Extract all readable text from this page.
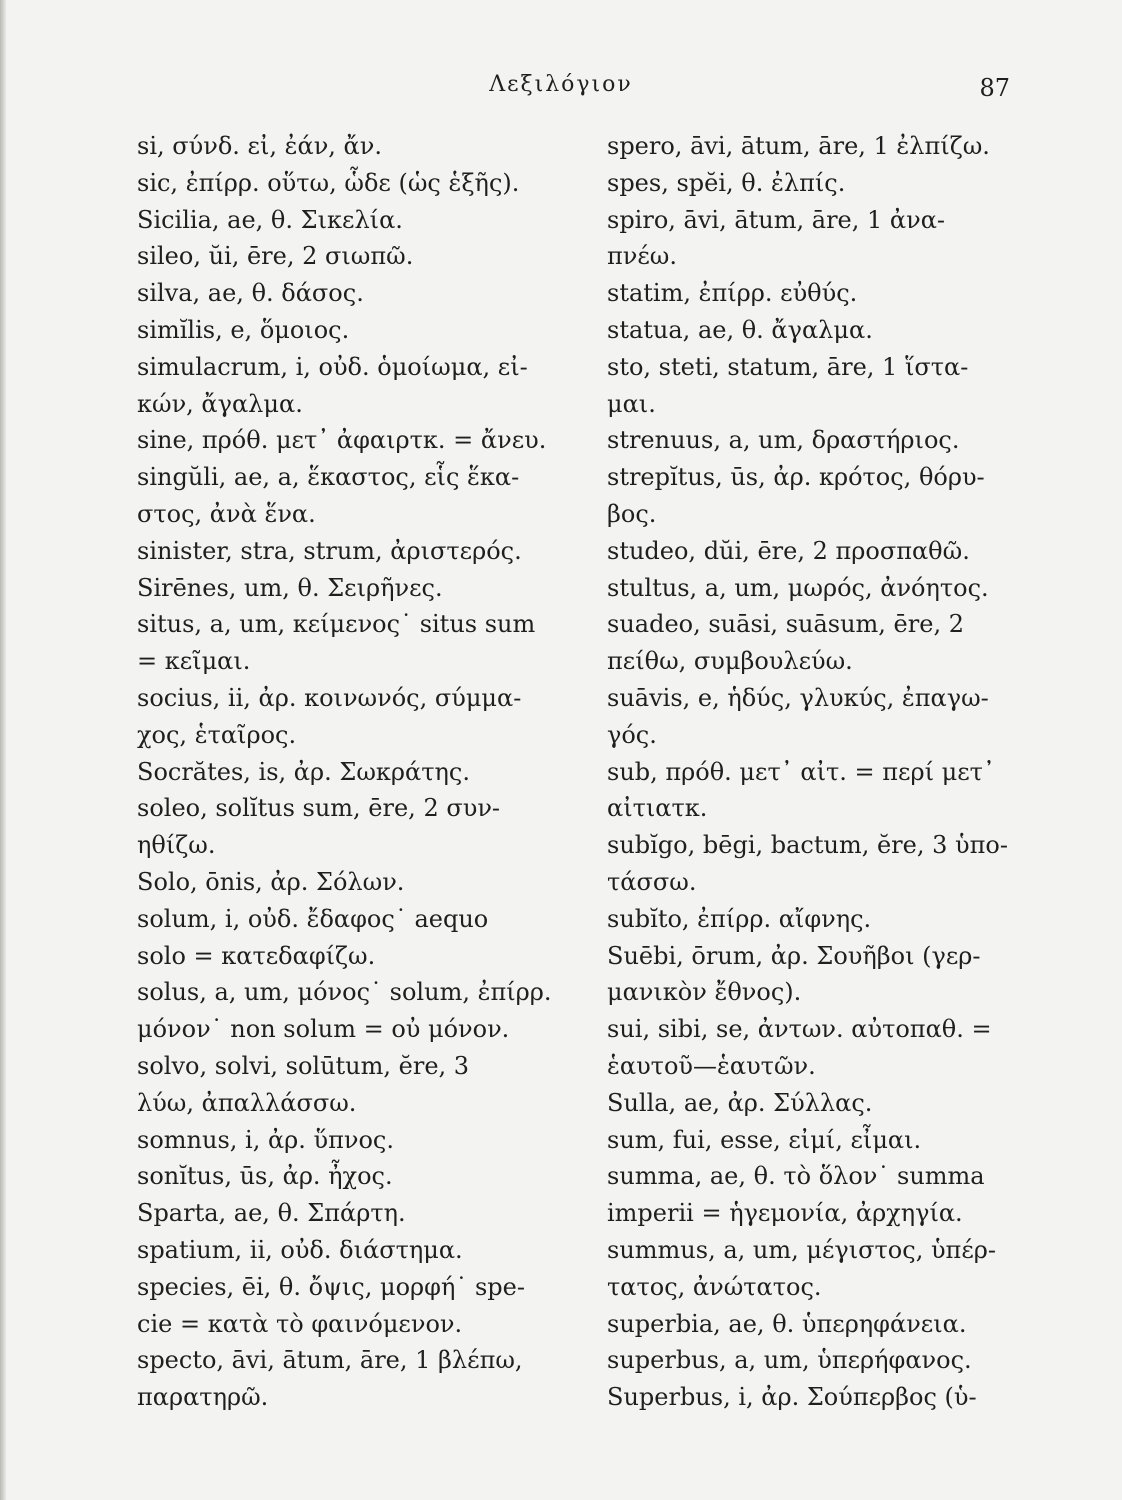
Λεξιλόγιον	87
si, σύνδ. εἰ, ἐάν, ἄν.
sic, ἐπίρρ. οὕτω, ὧδε (ὡς ἑξῆς).
Sicilia, ae, θ. Σικελία.
sileo, ŭi, ēre, 2 σιωπῶ.
silva, ae, θ. δάσος.
simĭlis, e, ὅμοιος.
simulacrum, i, οὐδ. ὁμοίωμα, εἰ-
κών, ἄγαλμα.
sine, πρόθ. μετ᾽ ἀφαιρτκ. = ἄνευ.
singŭli, ae, a, ἕκαστος, εἷς ἕκα-
στος, ἀνὰ ἕνα.
sinister, stra, strum, ἀριστερός.
Sirēnes, um, θ. Σειρῆνες.
situs, a, um, κείμενος˙ situs sum
= κεῖμαι.
socius, ii, ἀρ. κοινωνός, σύμμα-
χος, ἑταῖρος.
Socrătes, is, ἀρ. Σωκράτης.
soleo, solĭtus sum, ēre, 2 συν-
ηθίζω.
Solo, ōnis, ἀρ. Σόλων.
solum, i, οὐδ. ἔδαφος˙ aequo
solo = κατεδαφίζω.
solus, a, um, μόνος˙ solum, ἐπίρρ.
μόνον˙ non solum = οὐ μόνον.
solvo, solvi, solūtum, ĕre, 3
λύω, ἀπαλλάσσω.
somnus, i, ἀρ. ὕπνος.
sonĭtus, ūs, ἀρ. ἦχος.
Sparta, ae, θ. Σπάρτη.
spatium, ii, οὐδ. διάστημα.
species, ēi, θ. ὄψις, μορφή˙ spe-
cie = κατὰ τὸ φαινόμενον.
specto, āvi, ātum, āre, 1 βλέπω,
παρατηρῶ.
spero, āvi, ātum, āre, 1 ἐλπίζω.
spes, spĕi, θ. ἐλπίς.
spiro, āvi, ātum, āre, 1 ἀνα-
πνέω.
statim, ἐπίρρ. εὐθύς.
statua, ae, θ. ἄγαλμα.
sto, steti, statum, āre, 1 ἵστα-
μαι.
strenuus, a, um, δραστήριος.
strepĭtus, ūs, ἀρ. κρότος, θόρυ-
βος.
studeo, dŭi, ēre, 2 προσπαθῶ.
stultus, a, um, μωρός, ἀνόητος.
suadeo, suāsi, suāsum, ēre, 2
πείθω, συμβουλεύω.
suāvis, e, ἡδύς, γλυκύς, ἐπαγω-
γός.
sub, πρόθ. μετ᾽ αἰτ. = περί μετ᾽
αἰτιατκ.
subĭgo, bēgi, bactum, ĕre, 3 ὑπο-
τάσσω.
subĭto, ἐπίρρ. αἴφνης.
Suēbi, ōrum, ἀρ. Σουῆβοι (γερ-
μανικὸν ἔθνος).
sui, sibi, se, ἀντων. αὐτοπαθ. =
ἑαυτοῦ—ἑαυτῶν.
Sulla, ae, ἀρ. Σύλλας.
sum, fui, esse, εἰμί, εἶμαι.
summa, ae, θ. τὸ ὅλον˙ summa
imperii = ἡγεμονία, ἀρχηγία.
summus, a, um, μέγιστος, ὑπέρ-
τατος, ἀνώτατος.
superbia, ae, θ. ὑπερηφάνεια.
superbus, a, um, ὑπερήφανος.
Superbus, i, ἀρ. Σούπερβος (ὑ-
